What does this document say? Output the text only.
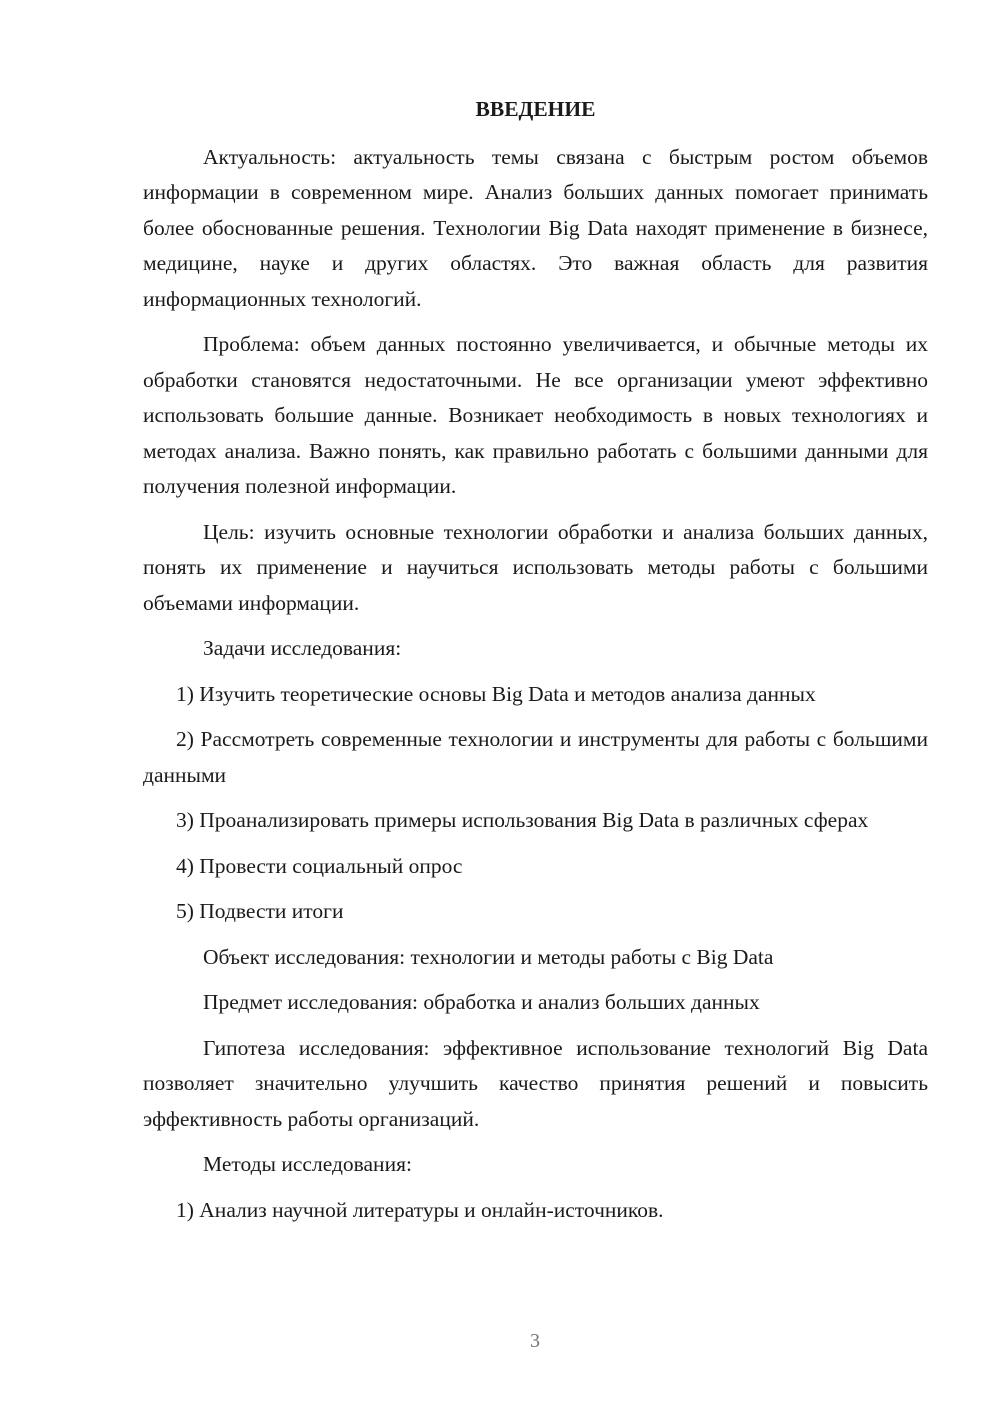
ВВЕДЕНИЕ

Актуальность: актуальность темы связана с быстрым ростом объемов информации в современном мире. Анализ больших данных помогает принимать более обоснованные решения. Технологии Big Data находят применение в бизнесе, медицине, науке и других областях. Это важная область для развития информационных технологий.

Проблема: объем данных постоянно увеличивается, и обычные методы их обработки становятся недостаточными. Не все организации умеют эффективно использовать большие данные. Возникает необходимость в новых технологиях и методах анализа. Важно понять, как правильно работать с большими данными для получения полезной информации.

Цель: изучить основные технологии обработки и анализа больших данных, понять их применение и научиться использовать методы работы с большими объемами информации.

Задачи исследования:

1) Изучить теоретические основы Big Data и методов анализа данных

2) Рассмотреть современные технологии и инструменты для работы с большими данными

3) Проанализировать примеры использования Big Data в различных сферах

4) Провести социальный опрос

5) Подвести итоги

Объект исследования: технологии и методы работы с Big Data

Предмет исследования: обработка и анализ больших данных

Гипотеза исследования: эффективное использование технологий Big Data позволяет значительно улучшить качество принятия решений и повысить эффективность работы организаций.

Методы исследования:

1) Анализ научной литературы и онлайн-источников.

3
